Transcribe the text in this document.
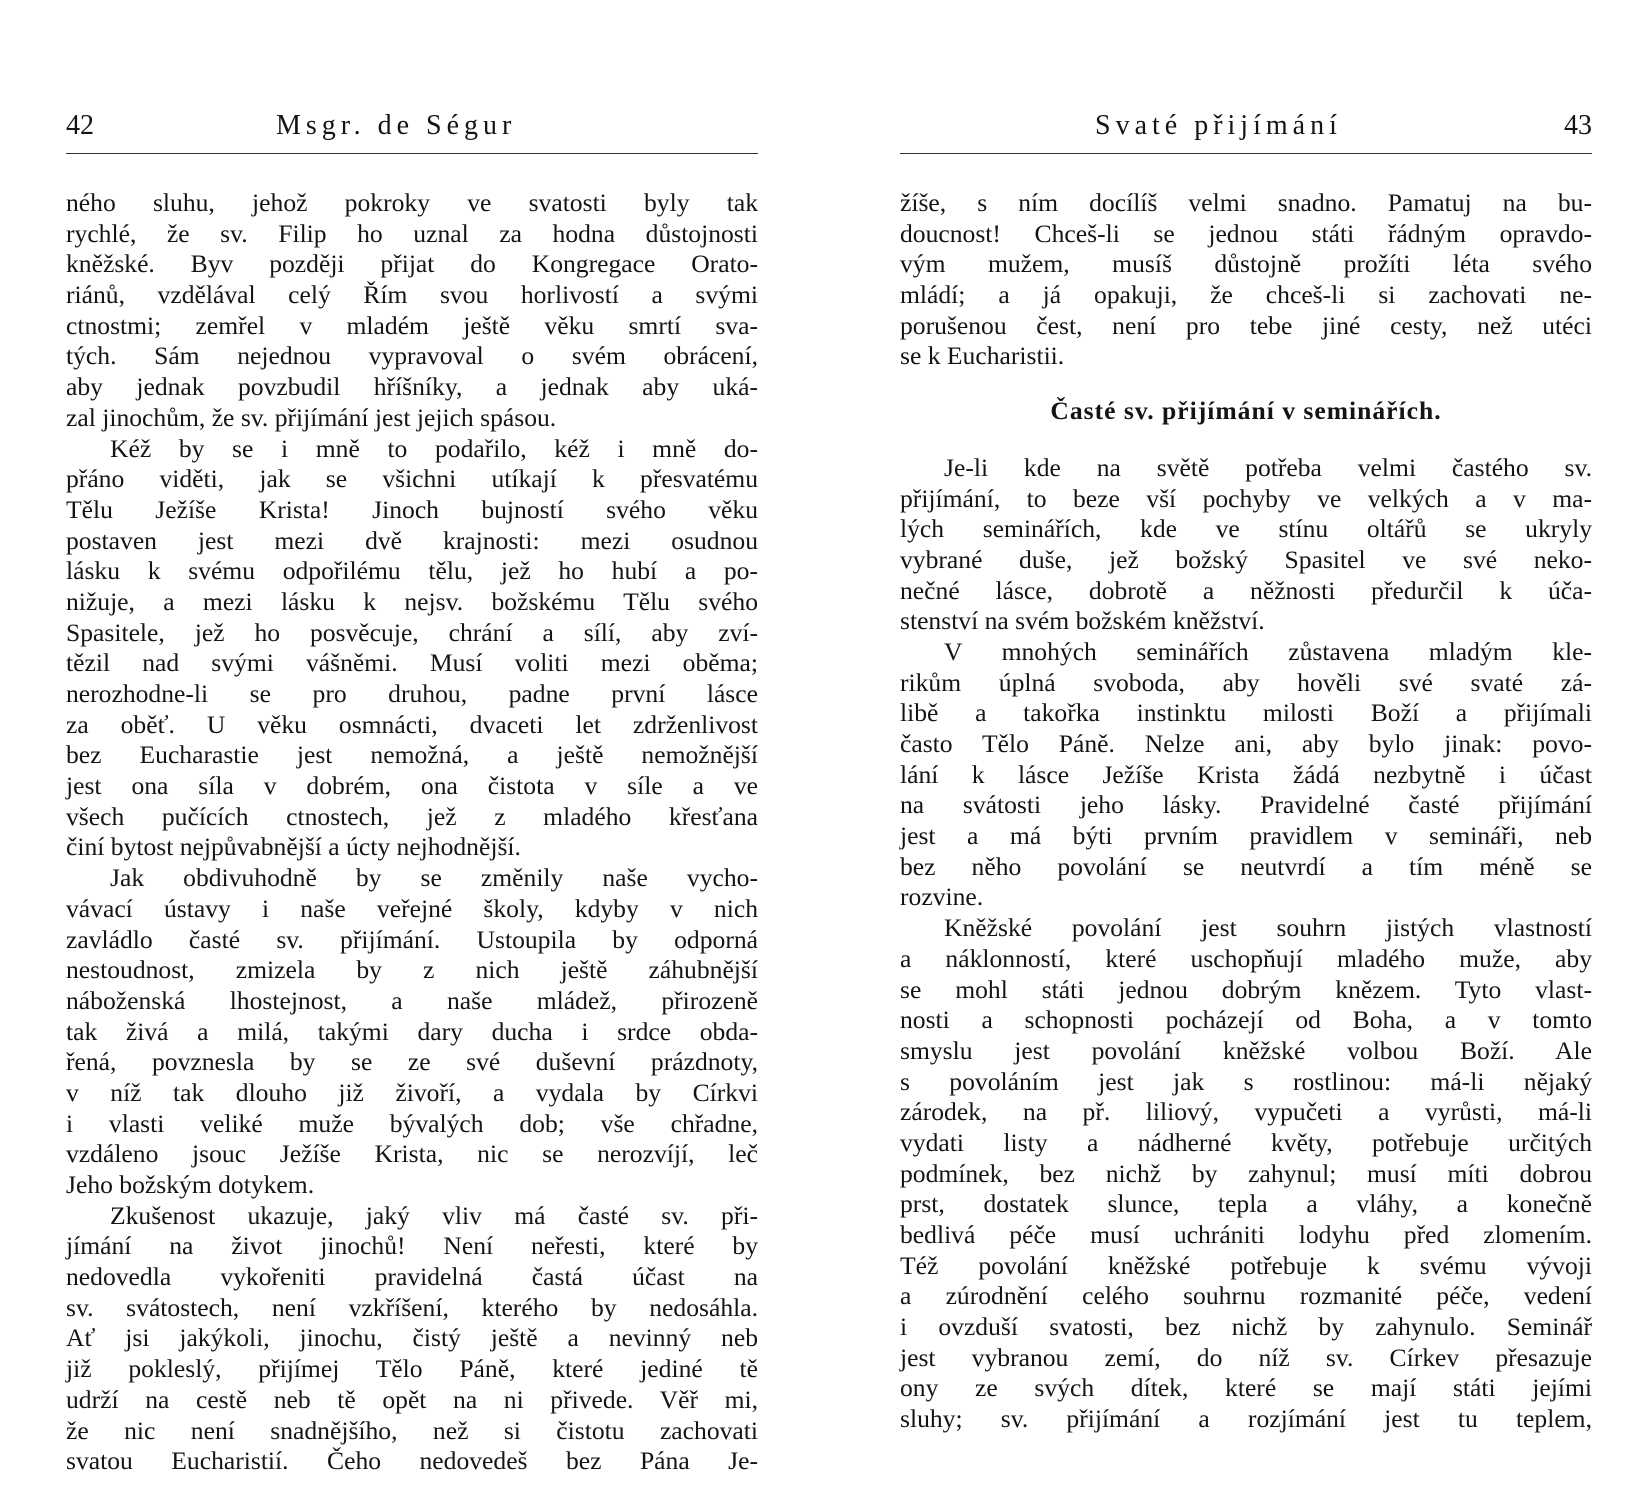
42	Msgr. de Ségur
ného sluhu, jehož pokroky ve svatosti byly tak
rychlé, že sv. Filip ho uznal za hodna důstojnosti
kněžské. Byv později přijat do Kongregace Orato-
riánů, vzdělával celý Řím svou horlivostí a svými
ctnostmi; zemřel v mladém ještě věku smrtí sva-
tých. Sám nejednou vypravoval o svém obrácení,
aby jednak povzbudil hříšníky, a jednak aby uká-
zal jinochům, že sv. přijímání jest jejich spásou.
Kéž by se i mně to podařilo, kéž i mně do-
přáno viděti, jak se všichni utíkají k přesvatému
Tělu Ježíše Krista! Jinoch bujností svého věku
postaven jest mezi dvě krajnosti: mezi osudnou
lásku k svému odpořilému tělu, jež ho hubí a po-
nižuje, a mezi lásku k nejsv. božskému Tělu svého
Spasitele, jež ho posvěcuje, chrání a sílí, aby zví-
tězil nad svými vášněmi. Musí voliti mezi oběma;
nerozhodne-li se pro druhou, padne první lásce
za oběť. U věku osmnácti, dvaceti let zdrženlivost
bez Eucharastie jest nemožná, a ještě nemožnější
jest ona síla v dobrém, ona čistota v síle a ve
všech pučících ctnostech, jež z mladého křesťana
činí bytost nejpůvabnější a úcty nejhodnější.
Jak obdivuhodně by se změnily naše vycho-
vávací ústavy i naše veřejné školy, kdyby v nich
zavládlo časté sv. přijímání. Ustoupila by odporná
nestoudnost, zmizela by z nich ještě záhubnější
náboženská lhostejnost, a naše mládež, přirozeně
tak živá a milá, takými dary ducha i srdce obda-
řená, povznesla by se ze své duševní prázdnoty,
v níž tak dlouho již živoří, a vydala by Církvi
i vlasti veliké muže bývalých dob; vše chřadne,
vzdáleno jsouc Ježíše Krista, nic se nerozvíjí, leč
Jeho božským dotykem.
Zkušenost ukazuje, jaký vliv má časté sv. při-
jímání na život jinochů! Není neřesti, které by
nedovedla vykořeniti pravidelná častá účast na
sv. svátostech, není vzkříšení, kterého by nedosáhla.
Ať jsi jakýkoli, jinochu, čistý ještě a nevinný neb
již pokleslý, přijímej Tělo Páně, které jediné tě
udrží na cestě neb tě opět na ni přivede. Věř mi,
že nic není snadnějšího, než si čistotu zachovati
svatou Eucharistií. Čeho nedovedeš bez Pána Je-
Svaté přijímání	43
žíše, s ním docílíš velmi snadno. Pamatuj na bu-
doucnost! Chceš-li se jednou státi řádným opravdo-
vým mužem, musíš důstojně prožíti léta svého
mládí; a já opakuji, že chceš-li si zachovati ne-
porušenou čest, není pro tebe jiné cesty, než utéci
se k Eucharistii.
Časté sv. přijímání v seminářích.
Je-li kde na světě potřeba velmi častého sv.
přijímání, to beze vší pochyby ve velkých a v ma-
lých seminářích, kde ve stínu oltářů se ukryly
vybrané duše, jež božský Spasitel ve své neko-
nečné lásce, dobrotě a něžnosti předurčil k úča-
stenství na svém božském kněžství.
V mnohých seminářích zůstavena mladým kle-
rikům úplná svoboda, aby hověli své svaté zá-
libě a takořka instinktu milosti Boží a přijímali
často Tělo Páně. Nelze ani, aby bylo jinak: povo-
lání k lásce Ježíše Krista žádá nezbytně i účast
na svátosti jeho lásky. Pravidelné časté přijímání
jest a má býti prvním pravidlem v semináři, neb
bez něho povolání se neutvrdí a tím méně se
rozvine.
Kněžské povolání jest souhrn jistých vlastností
a náklonností, které uschopňují mladého muže, aby
se mohl státi jednou dobrým knězem. Tyto vlast-
nosti a schopnosti pocházejí od Boha, a v tomto
smyslu jest povolání kněžské volbou Boží. Ale
s povoláním jest jak s rostlinou: má-li nějaký
zárodek, na př. liliový, vypučeti a vyrůsti, má-li
vydati listy a nádherné květy, potřebuje určitých
podmínek, bez nichž by zahynul; musí míti dobrou
prst, dostatek slunce, tepla a vláhy, a konečně
bedlivá péče musí uchrániti lodyhu před zlomením.
Též povolání kněžské potřebuje k svému vývoji
a zúrodnění celého souhrnu rozmanité péče, vedení
i ovzduší svatosti, bez nichž by zahynulo. Seminář
jest vybranou zemí, do níž sv. Církev přesazuje
ony ze svých dítek, které se mají státi jejími
sluhy; sv. přijímání a rozjímání jest tu teplem,
